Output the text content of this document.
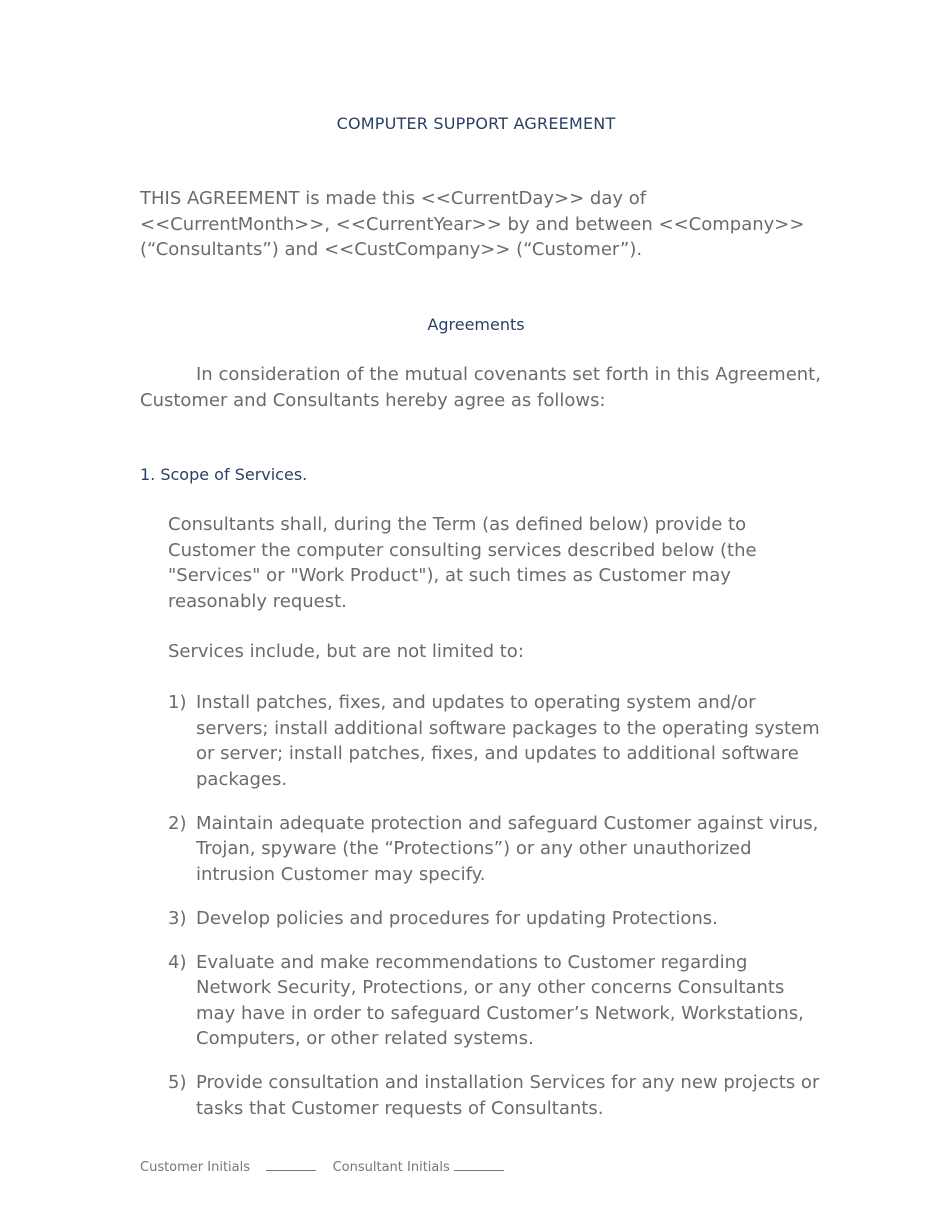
COMPUTER SUPPORT AGREEMENT
THIS AGREEMENT is made this <<CurrentDay>> day of <<CurrentMonth>>, <<CurrentYear>> by and between <<Company>> (“Consultants”) and <<CustCompany>> (“Customer”).
Agreements
In consideration of the mutual covenants set forth in this Agreement, Customer and Consultants hereby agree as follows:
1. Scope of Services.
Consultants shall, during the Term (as defined below) provide to Customer the computer consulting services described below (the "Services" or "Work Product"), at such times as Customer may reasonably request.
Services include, but are not limited to:
1) Install patches, fixes, and updates to operating system and/or servers; install additional software packages to the operating system or server; install patches, fixes, and updates to additional software packages.
2) Maintain adequate protection and safeguard Customer against virus, Trojan, spyware (the “Protections”) or any other unauthorized intrusion Customer may specify.
3) Develop policies and procedures for updating Protections.
4) Evaluate and make recommendations to Customer regarding Network Security, Protections, or any other concerns Consultants may have in order to safeguard Customer’s Network, Workstations, Computers, or other related systems.
5) Provide consultation and installation Services for any new projects or tasks that Customer requests of Consultants.
Customer Initials	Consultant Initials
